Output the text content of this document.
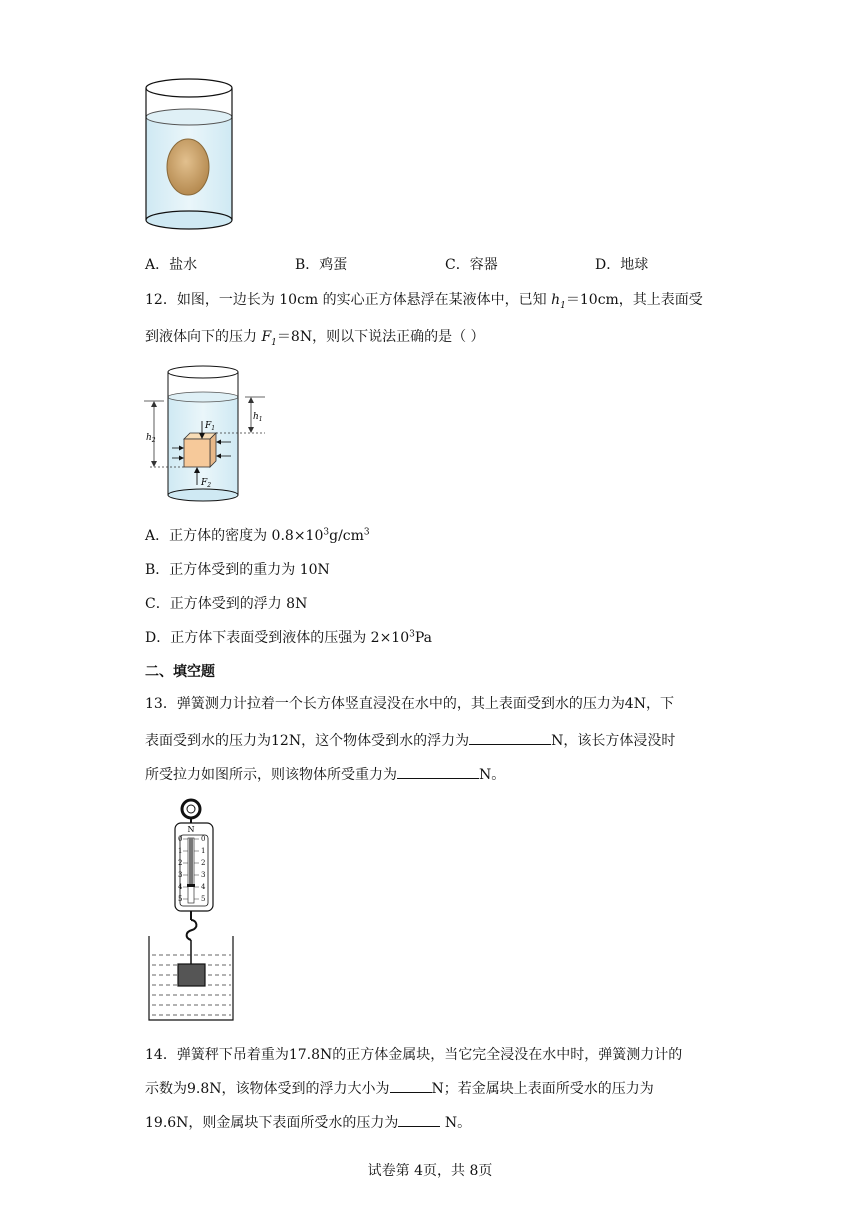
A．盐水	B．鸡蛋	C．容器	D．地球
12．如图，一边长为 10cm 的实心正方体悬浮在某液体中，已知 $h_1=10cm$，其上表面受
到液体向下的压力 $F_1=8N$，则以下说法正确的是（ ）
$h_1$
$h_2$
$F_1$
$F_2$
A．正方体的密度为 $0.8\times 10^3g/cm^3$
B．正方体受到的重力为 10N
C．正方体受到的浮力 8N
D．正方体下表面受到液体的压强为 $2\times 10^3Pa$
二、填空题
13．弹簧测力计拉着一个长方体竖直浸没在水中的，其上表面受到水的压力为4N，下
表面受到水的压力为12N，这个物体受到水的浮力为	N，该长方体浸没时
所受拉力如图所示，则该物体所受重力为	N。
N
0	0
1	1
2	2
3	3
4	4
5	5
14．弹簧秤下吊着重为17.8N的正方体金属块，当它完全浸没在水中时，弹簧测力计的
示数为9.8N，该物体受到的浮力大小为	N；若金属块上表面所受水的压力为
19.6N，则金属块下表面所受水的压力为	N。
试卷第 4页，共 8页
